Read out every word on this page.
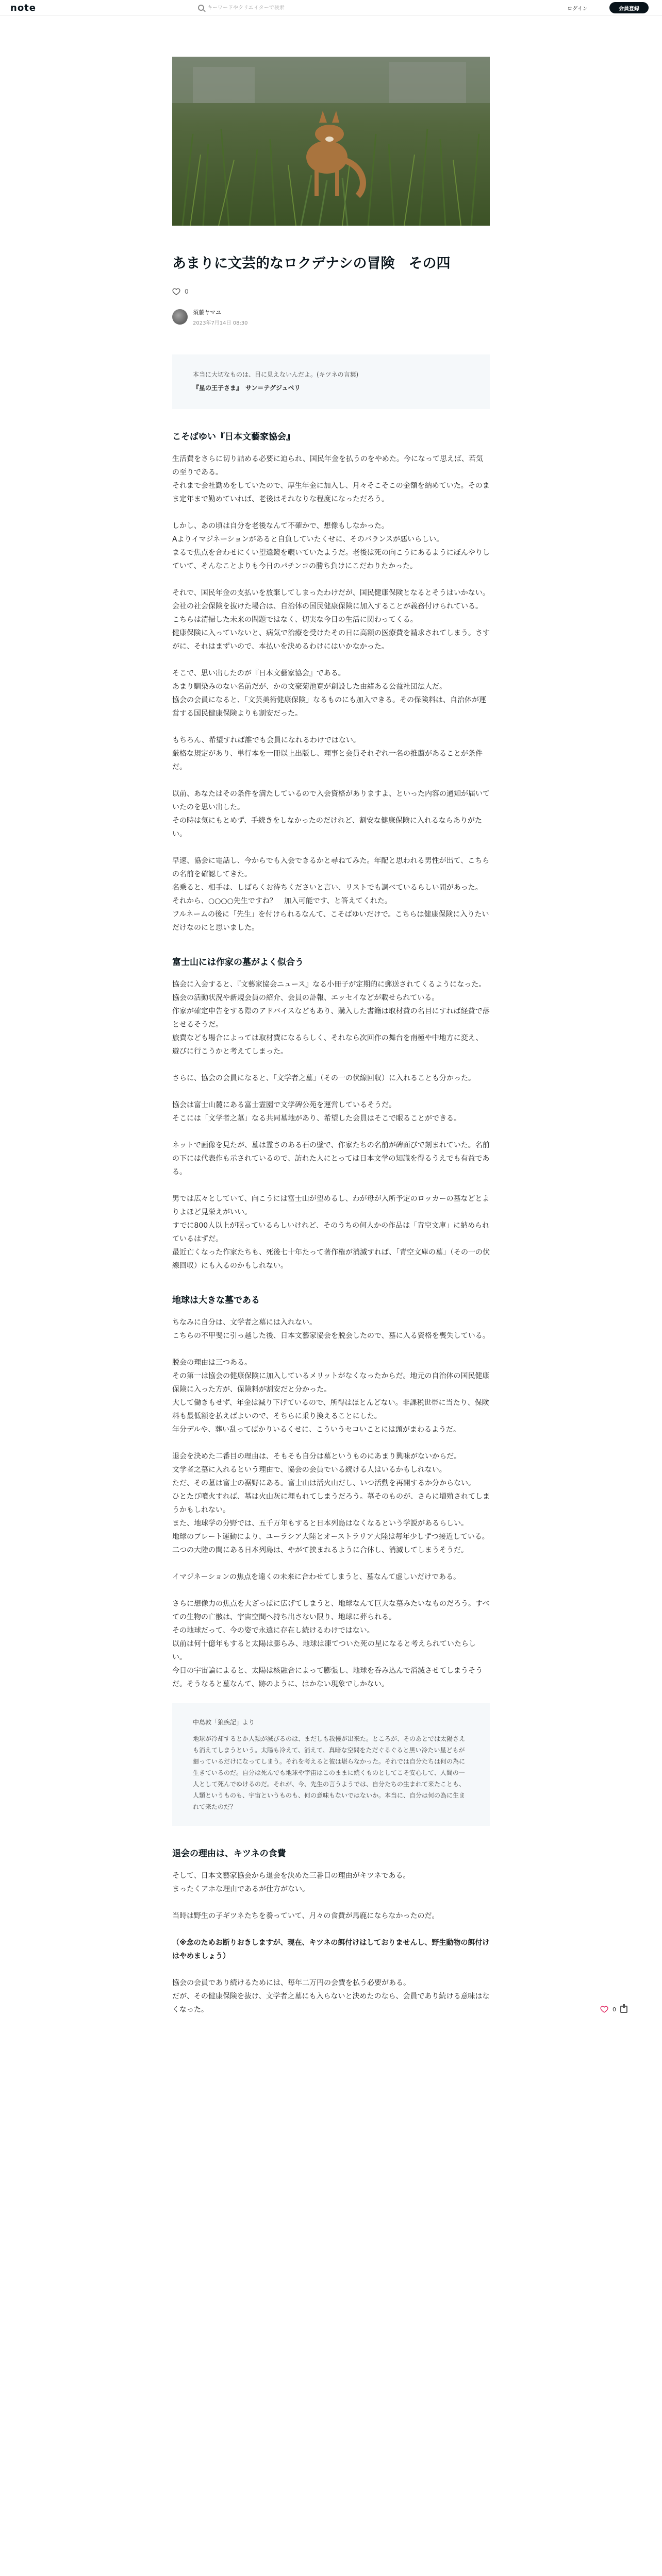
note
キーワードやクリエイターで検索	ログイン	会員登録
あまりに文芸的なロクデナシの冒険　その四
0
須藤ヤマユ
2023年7月14日 08:30

本当に大切なものは、目に見えないんだよ。(キツネの言葉)

『星の王子さま』　サン＝テグジュペリ

こそばゆい『日本文藝家協会』

生活費をさらに切り詰める必要に迫られ、国民年金を払うのをやめた。今になって思えば、若気の至りである。
それまで会社勤めをしていたので、厚生年金に加入し、月々そこそこの金額を納めていた。そのまま定年まで勤めていれば、老後はそれなりな程度になっただろう。

しかし、あの頃は自分を老後なんて不確かで、想像もしなかった。
Aよりイマジネーションがあると自負していたくせに、そのバランスが悪いらしい。
まるで焦点を合わせにくい望遠鏡を覗いていたようだ。老後は死の向こうにあるようにぼんやりしていて、そんなことよりも今日のパチンコの勝ち負けにこだわりたかった。

それで、国民年金の支払いを放棄してしまったわけだが、国民健康保険となるとそうはいかない。会社の社会保険を抜けた場合は、自治体の国民健康保険に加入することが義務付けられている。
こちらは清掃した未来の問題ではなく、切実な今日の生活に関わってくる。
健康保険に入っていないと、病気で治療を受けたその日に高額の医療費を請求されてしまう。さすがに、それはまずいので、本払いを決めるわけにはいかなかった。

そこで、思い出したのが『日本文藝家協会』である。
あまり馴染みのない名前だが、かの文豪菊池寛が創設した由緒ある公益社団法人だ。
協会の会員になると、「文芸美術健康保険」なるものにも加入できる。その保険料は、自治体が運営する国民健康保険よりも割安だった。

もちろん、希望すれば誰でも会員になれるわけではない。
厳格な規定があり、単行本を一冊以上出版し、理事と会員それぞれ一名の推薦があることが条件だ。

以前、あなたはその条件を満たしているので入会資格がありますよ、といった内容の通知が届いていたのを思い出した。
その時は気にもとめず、手続きをしなかったのだけれど、割安な健康保険に入れるならありがたい。

早速、協会に電話し、今からでも入会できるかと尋ねてみた。年配と思われる男性が出て、こちらの名前を確認してきた。
名乗ると、相手は、しばらくお待ちくださいと言い、リストでも調べているらしい間があった。
それから、○○○○先生ですね？　加入可能です、と答えてくれた。
フルネームの後に「先生」を付けられるなんて、こそばゆいだけで。こちらは健康保険に入りたいだけなのにと思いました。

富士山には作家の墓がよく似合う

協会に入会すると、『文藝家協会ニュース』なる小冊子が定期的に郵送されてくるようになった。
協会の活動状況や新規会員の紹介、会員の訃報、エッセイなどが載せられている。
作家が確定申告をする際のアドバイスなどもあり、購入した書籍は取材費の名目にすれば経費で落とせるそうだ。
旅費なども場合によっては取材費になるらしく、それなら次回作の舞台を南極や中地方に変え、遊びに行こうかと考えてしまった。

さらに、協会の会員になると、「文学者之墓」（その一の伏線回収）に入れることも分かった。

協会は富士山麓にある富士霊園で文学碑公苑を運営しているそうだ。
そこには「文学者之墓」なる共同墓地があり、希望した会員はそこで眠ることができる。

ネットで画像を見たが、墓は霊さのある石の壁で、作家たちの名前が碑面びで刻まれていた。名前の下には代表作も示されているので、訪れた人にとっては日本文学の知識を得るうえでも有益である。

男では広々としていて、向こうには富士山が望めるし、わが母が入所予定のロッカーの墓などとよりよほど見栄えがいい。
すでに800人以上が眠っているらしいけれど、そのうちの何人かの作品は「青空文庫」に納められているはずだ。
最近亡くなった作家たちも、死後七十年たって著作権が消滅すれば、「青空文庫の墓」（その一の伏線回収）にも入るのかもしれない。

地球は大きな墓である

ちなみに自分は、文学者之墓には入れない。
こちらの不甲斐に引っ越した後、日本文藝家協会を脱会したので、墓に入る資格を喪失している。

脱会の理由は三つある。
その第一は協会の健康保険に加入しているメリットがなくなったからだ。地元の自治体の国民健康保険に入った方が、保険料が割安だと分かった。
大して働きもせず、年金は減り下げているので、所得はほとんどない。非課税世帯に当たり、保険料も最低額を払えばよいので、そちらに乗り換えることにした。
年分デルや、葬い乱ってばかりいるくせに、こういうセコいことには頭がまわるようだ。

退会を決めた二番目の理由は、そもそも自分は墓というものにあまり興味がないからだ。
文学者之墓に入れるという理由で、協会の会員でいる続ける人はいるかもしれない。
ただ、その墓は富士の裾野にある。富士山は活火山だし、いつ活動を再開するか分からない。
ひとたび噴火すれば、墓は火山灰に埋もれてしまうだろう。墓そのものが、さらに増殖されてしまうかもしれない。
また、地球学の分野では、五千万年もすると日本列島はなくなるという学説があるらしい。
地球のプレート運動により、ユーラシア大陸とオーストラリア大陸は毎年少しずつ接近している。二つの大陸の間にある日本列島は、やがて挟まれるように合体し、消滅してしまうそうだ。

イマジネーションの焦点を遠くの未来に合わせてしまうと、墓なんて虚しいだけである。

さらに想像力の焦点を大ざっぱに広げてしまうと、地球なんて巨大な墓みたいなものだろう。すべての生物の亡骸は、宇宙空間へ持ち出さない限り、地球に葬られる。
その地球だって、今の姿で永遠に存在し続けるわけではない。
以前は何十億年もすると太陽は膨らみ、地球は凍てついた死の星になると考えられていたらしい。
今日の宇宙論によると、太陽は核融合によって膨張し、地球を呑み込んで消滅させてしまうそうだ。そうなると墓なんて、跡のように、はかない現象でしかない。

中島敦「狼疾記」より

地球が冷却するとか人類が滅びるのは、まだしも我慢が出来た。ところが、そのあとでは太陽さえも消えてしまうという。太陽も冷えて、消えて、真暗な空間をただぐるぐると黒い冷たい星どもが廻っているだけになってしまう。それを考えると彼は堪らなかった。それでは自分たちは何の為に生きているのだ。自分は死んでも地球や宇宙はこのままに続くものとしてこそ安心して、人間の一人として死んでゆけるのだ。それが、今、先生の言うようでは、自分たちの生まれて来たことも、人類というものも、宇宙というものも、何の意味もないではないか。本当に、自分は何の為に生まれて来たのだ？

退会の理由は、キツネの食費

そして、日本文藝家協会から退会を決めた三番目の理由がキツネである。
まったくアホな理由であるが仕方がない。

当時は野生の子ギツネたちを養っていて、月々の食費が馬鹿にならなかったのだ。

（※念のためお断りおきしますが、現在、キツネの餌付けはしておりませんし、野生動物の餌付けはやめましょう）

協会の会員であり続けるためには、毎年二万円の会費を払う必要がある。
だが、その健康保険を抜け、文学者之墓にも入らないと決めたのなら、会員であり続ける意味はなくなった。	0
